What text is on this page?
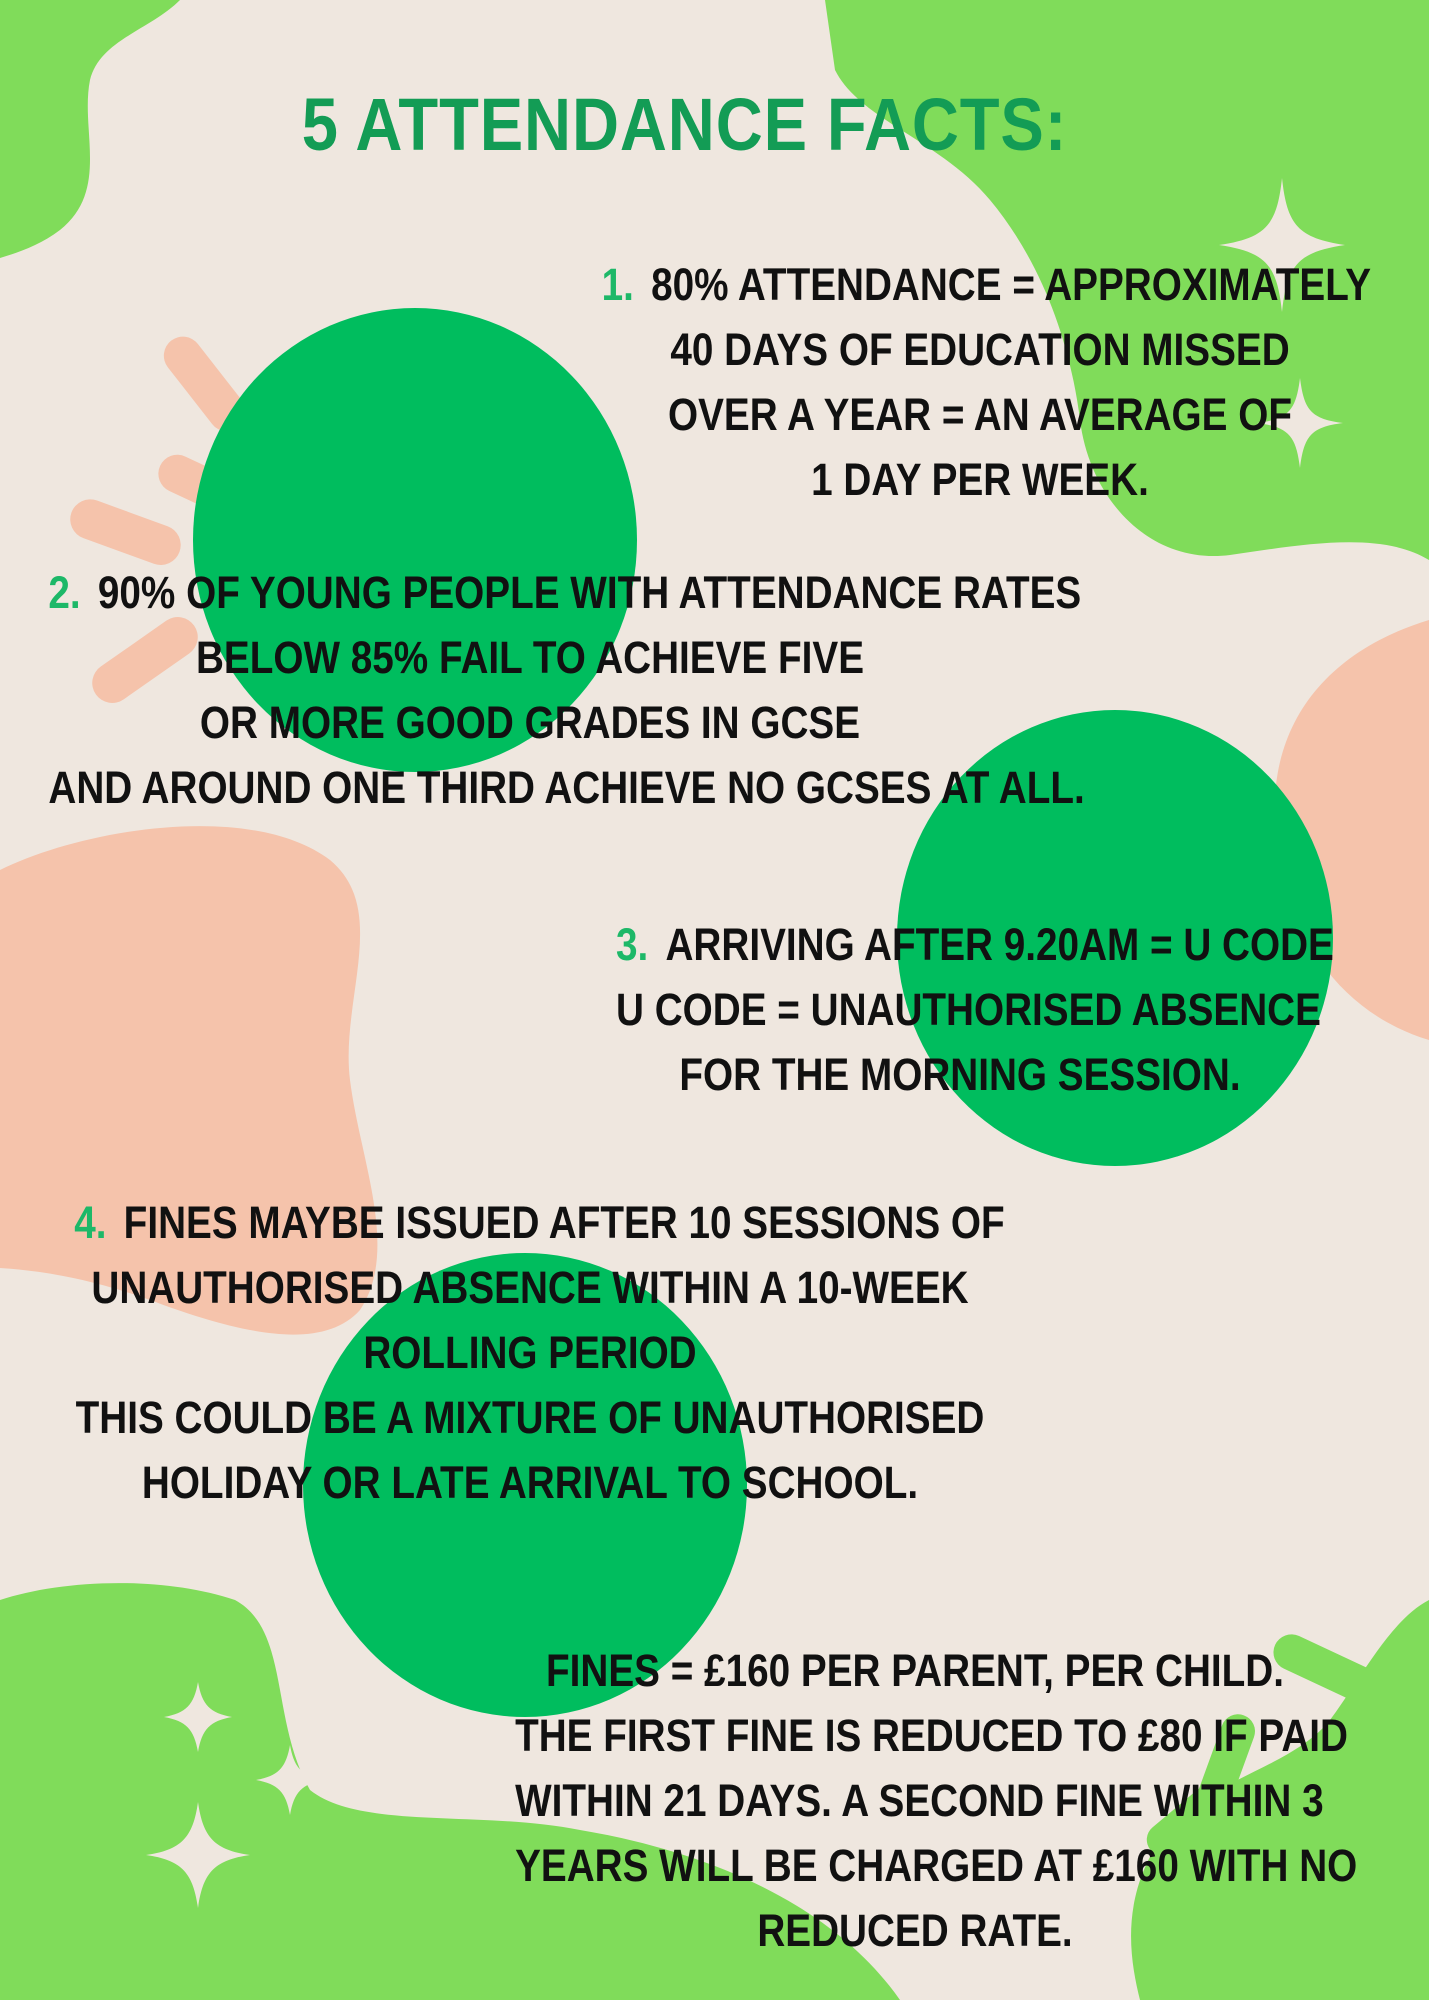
5 ATTENDANCE FACTS:
1. 80% ATTENDANCE = APPROXIMATELY
40 DAYS OF EDUCATION MISSED
OVER A YEAR = AN AVERAGE OF
1 DAY PER WEEK.
2. 90% OF YOUNG PEOPLE WITH ATTENDANCE RATES
BELOW 85% FAIL TO ACHIEVE FIVE
OR MORE GOOD GRADES IN GCSE
AND AROUND ONE THIRD ACHIEVE NO GCSES AT ALL.
3. ARRIVING AFTER 9.20AM = U CODE
U CODE = UNAUTHORISED ABSENCE
FOR THE MORNING SESSION.
4. FINES MAYBE ISSUED AFTER 10 SESSIONS OF
UNAUTHORISED ABSENCE WITHIN A 10-WEEK
ROLLING PERIOD
THIS COULD BE A MIXTURE OF UNAUTHORISED
HOLIDAY OR LATE ARRIVAL TO SCHOOL.
FINES = £160 PER PARENT, PER CHILD.
THE FIRST FINE IS REDUCED TO £80 IF PAID
WITHIN 21 DAYS. A SECOND FINE WITHIN 3
YEARS WILL BE CHARGED AT £160 WITH NO
REDUCED RATE.
